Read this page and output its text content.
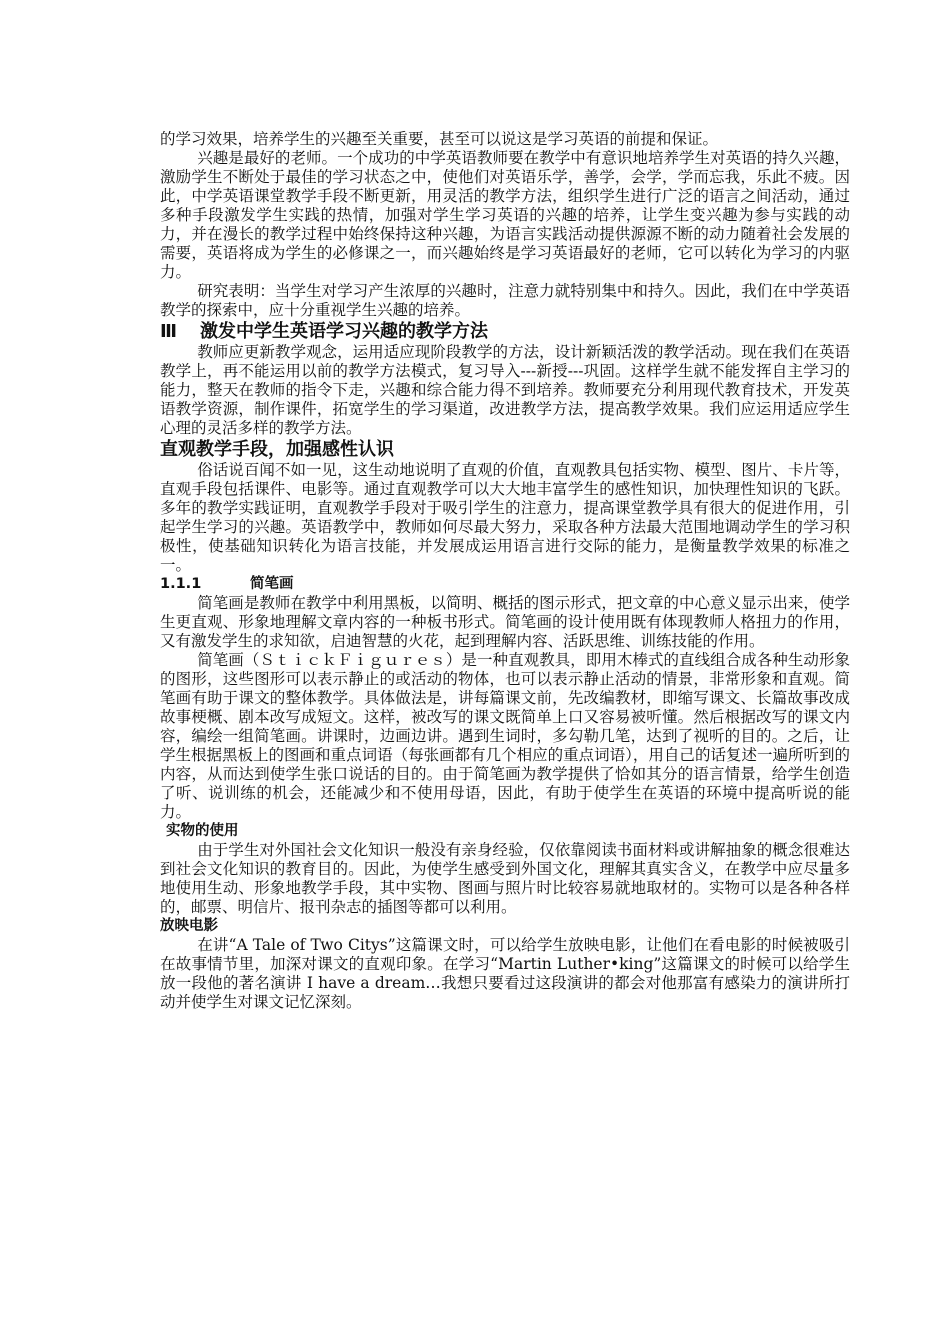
的学习效果，培养学生的兴趣至关重要，甚至可以说这是学习英语的前提和保证。

兴趣是最好的老师。一个成功的中学英语教师要在教学中有意识地培养学生对英语的持久兴趣，激励学生不断处于最佳的学习状态之中，使他们对英语乐学，善学，会学，学而忘我，乐此不疲。因此，中学英语课堂教学手段不断更新，用灵活的教学方法，组织学生进行广泛的语言之间活动，通过多种手段激发学生实践的热情，加强对学生学习英语的兴趣的培养，让学生变兴趣为参与实践的动力，并在漫长的教学过程中始终保持这种兴趣，为语言实践活动提供源源不断的动力随着社会发展的需要，英语将成为学生的必修课之一，而兴趣始终是学习英语最好的老师，它可以转化为学习的内驱力。

研究表明：当学生对学习产生浓厚的兴趣时，注意力就特别集中和持久。因此，我们在中学英语教学的探索中，应十分重视学生兴趣的培养。

Ⅲ 激发中学生英语学习兴趣的教学方法

教师应更新教学观念，运用适应现阶段教学的方法，设计新颖活泼的教学活动。现在我们在英语教学上，再不能运用以前的教学方法模式，复习导入---新授---巩固。这样学生就不能发挥自主学习的能力，整天在教师的指令下走，兴趣和综合能力得不到培养。教师要充分利用现代教育技术，开发英语教学资源，制作课件，拓宽学生的学习渠道，改进教学方法，提高教学效果。我们应运用适应学生心理的灵活多样的教学方法。

直观教学手段，加强感性认识

俗话说百闻不如一见，这生动地说明了直观的价值，直观教具包括实物、模型、图片、卡片等，直观手段包括课件、电影等。通过直观教学可以大大地丰富学生的感性知识，加快理性知识的飞跃。多年的教学实践证明，直观教学手段对于吸引学生的注意力，提高课堂教学具有很大的促进作用，引起学生学习的兴趣。英语教学中，教师如何尽最大努力，采取各种方法最大范围地调动学生的学习积极性，使基础知识转化为语言技能，并发展成运用语言进行交际的能力，是衡量教学效果的标准之一。

1.1.1	简笔画

简笔画是教师在教学中利用黑板，以简明、概括的图示形式，把文章的中心意义显示出来，使学生更直观、形象地理解文章内容的一种板书形式。简笔画的设计使用既有体现教师人格扭力的作用，又有激发学生的求知欲，启迪智慧的火花，起到理解内容、活跃思维、训练技能的作用。

简笔画（ＳｔｉｃｋＦｉｇｕｒｅｓ）是一种直观教具，即用木棒式的直线组合成各种生动形象的图形，这些图形可以表示静止的或活动的物体，也可以表示静止活动的情景，非常形象和直观。简笔画有助于课文的整体教学。具体做法是，讲每篇课文前，先改编教材，即缩写课文、长篇故事改成故事梗概、剧本改写成短文。这样，被改写的课文既简单上口又容易被听懂。然后根据改写的课文内容，编绘一组简笔画。讲课时，边画边讲。遇到生词时，多勾勒几笔，达到了视听的目的。之后，让学生根据黑板上的图画和重点词语（每张画都有几个相应的重点词语），用自己的话复述一遍所听到的内容，从而达到使学生张口说话的目的。由于简笔画为教学提供了恰如其分的语言情景，给学生创造了听、说训练的机会，还能减少和不使用母语，因此，有助于使学生在英语的环境中提高听说的能力。

实物的使用

由于学生对外国社会文化知识一般没有亲身经验，仅依靠阅读书面材料或讲解抽象的概念很难达到社会文化知识的教育目的。因此，为使学生感受到外国文化，理解其真实含义，在教学中应尽量多地使用生动、形象地教学手段，其中实物、图画与照片时比较容易就地取材的。实物可以是各种各样的，邮票、明信片、报刊杂志的插图等都可以利用。

放映电影

在讲“A Tale of Two Citys”这篇课文时，可以给学生放映电影，让他们在看电影的时候被吸引在故事情节里，加深对课文的直观印象。在学习“Martin Luther•king”这篇课文的时候可以给学生放一段他的著名演讲 I have a dream…我想只要看过这段演讲的都会对他那富有感染力的演讲所打动并使学生对课文记忆深刻。
